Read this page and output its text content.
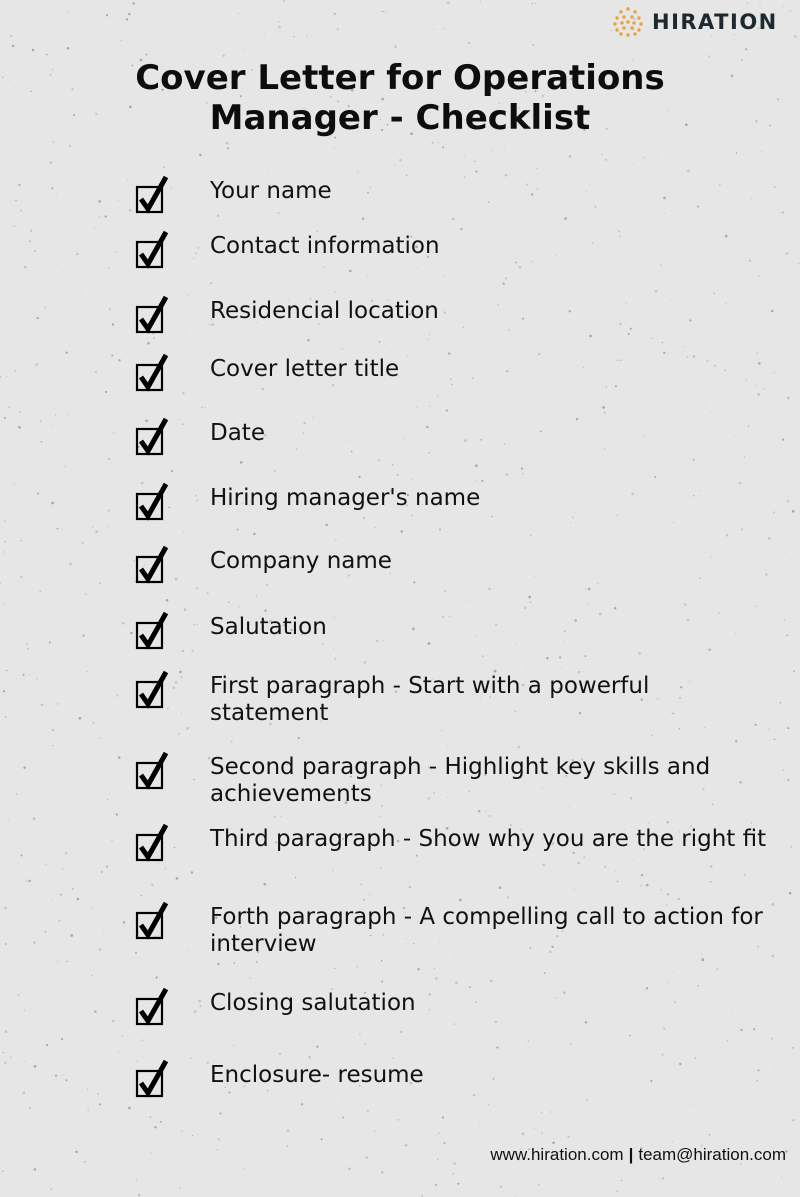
HIRATION
Cover Letter for Operations
Manager - Checklist
Your name
Contact information
Residencial location
Cover letter title
Date
Hiring manager's name
Company name
Salutation
First paragraph - Start with a powerful statement
Second paragraph - Highlight key skills and achievements
Third paragraph - Show why you are the right fit
Forth paragraph - A compelling call to action for interview
Closing salutation
Enclosure- resume
www.hiration.com | team@hiration.com
